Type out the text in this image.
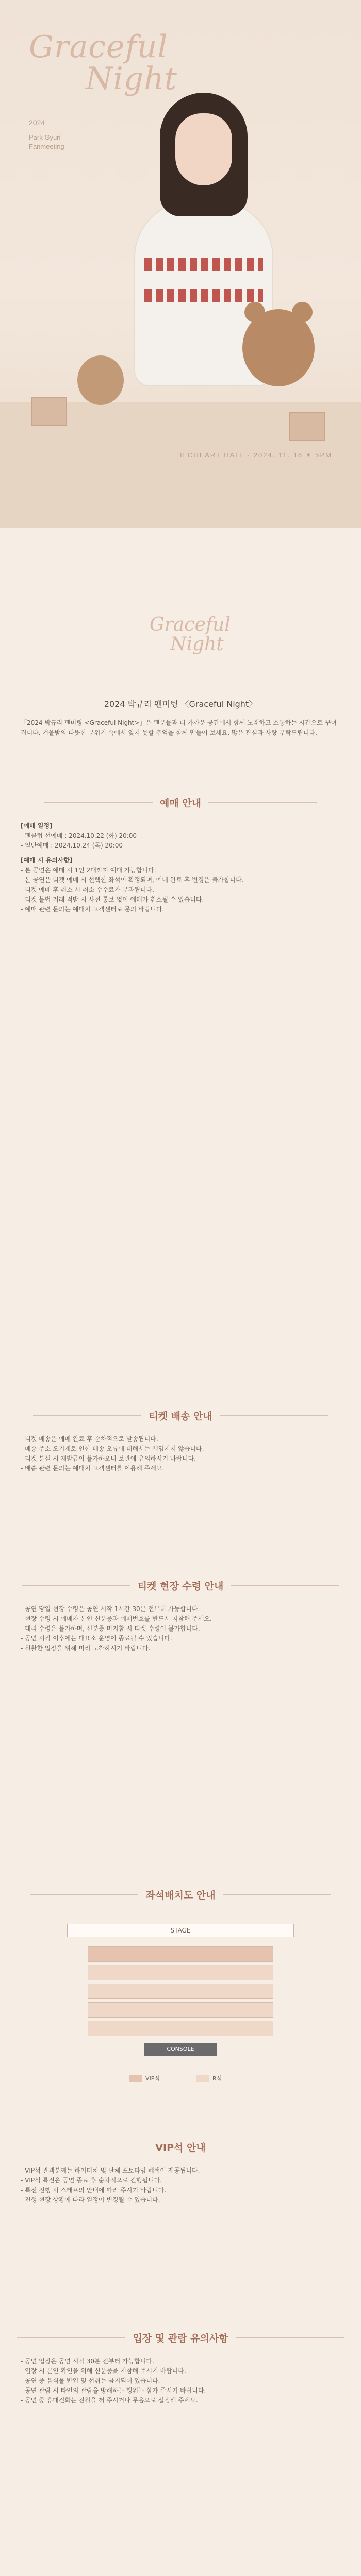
Graceful
Night
2024
Park Gyuri
Fanmeeting
ILCHI ART HALL · 2024. 11. 16 ✦ 5PM
Graceful
Night
2024 박규리 팬미팅 〈Graceful Night〉
「2024 박규리 팬미팅 <Graceful Night>」은 팬분들과 더 가까운 공간에서 함께 노래하고 소통하는 시간으로 꾸며집니다. 겨울밤의 따뜻한 분위기 속에서 잊지 못할 추억을 함께 만들어 보세요. 많은 관심과 사랑 부탁드립니다.
예매 안내
[예매 일정]
- 팬클럽 선예매 : 2024.10.22 (화) 20:00
- 일반예매 : 2024.10.24 (목) 20:00
[예매 시 유의사항]
- 본 공연은 예매 시 1인 2매까지 예매 가능합니다.
- 본 공연은 티켓 예매 시 선택한 좌석이 확정되며, 예매 완료 후 변경은 불가합니다.
- 티켓 예매 후 취소 시 취소 수수료가 부과됩니다.
- 티켓 불법 거래 적발 시 사전 통보 없이 예매가 취소될 수 있습니다.
- 예매 관련 문의는 예매처 고객센터로 문의 바랍니다.
티켓 배송 안내
- 티켓 배송은 예매 완료 후 순차적으로 발송됩니다.
- 배송 주소 오기재로 인한 배송 오류에 대해서는 책임지지 않습니다.
- 티켓 분실 시 재발급이 불가하오니 보관에 유의하시기 바랍니다.
- 배송 관련 문의는 예매처 고객센터를 이용해 주세요.
티켓 현장 수령 안내
- 공연 당일 현장 수령은 공연 시작 1시간 30분 전부터 가능합니다.
- 현장 수령 시 예매자 본인 신분증과 예매번호를 반드시 지참해 주세요.
- 대리 수령은 불가하며, 신분증 미지참 시 티켓 수령이 불가합니다.
- 공연 시작 이후에는 매표소 운영이 종료될 수 있습니다.
- 원활한 입장을 위해 미리 도착하시기 바랍니다.
좌석배치도 안내
STAGE
CONSOLE
VIP석	R석
VIP석 안내
- VIP석 관객분께는 하이터치 및 단체 포토타임 혜택이 제공됩니다.
- VIP석 특전은 공연 종료 후 순차적으로 진행됩니다.
- 특전 진행 시 스태프의 안내에 따라 주시기 바랍니다.
- 진행 현장 상황에 따라 일정이 변경될 수 있습니다.
입장 및 관람 유의사항
- 공연 입장은 공연 시작 30분 전부터 가능합니다.
- 입장 시 본인 확인을 위해 신분증을 지참해 주시기 바랍니다.
- 공연 중 음식물 반입 및 섭취는 금지되어 있습니다.
- 공연 관람 시 타인의 관람을 방해하는 행위는 삼가 주시기 바랍니다.
- 공연 중 휴대전화는 전원을 꺼 주시거나 무음으로 설정해 주세요.
